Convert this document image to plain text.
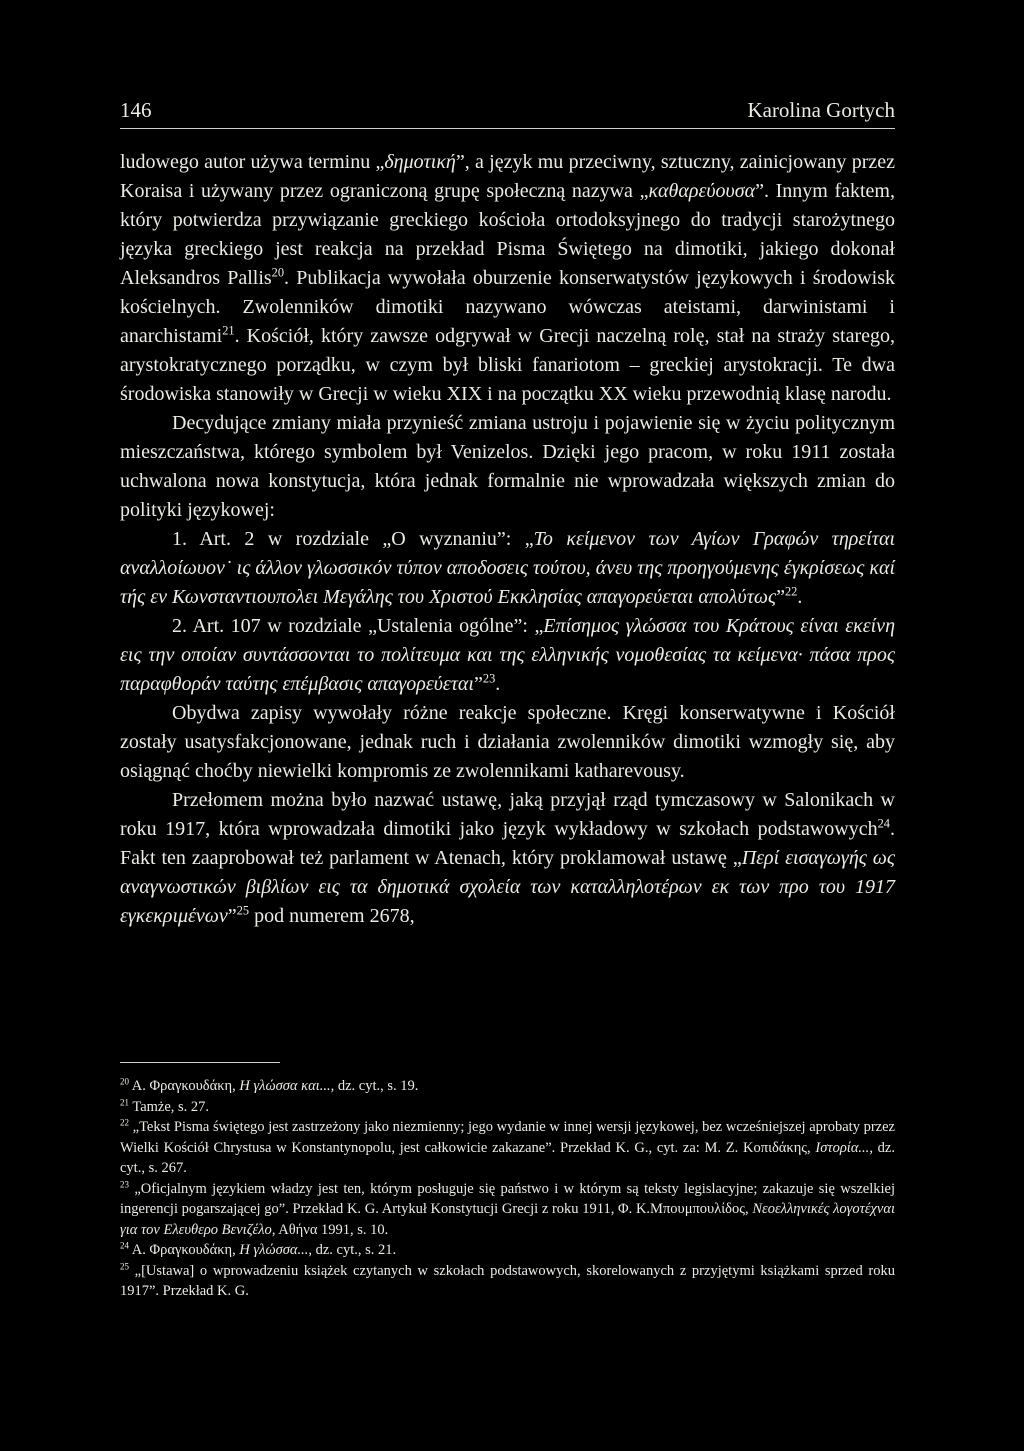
146	Karolina Gortych

ludowego autor używa terminu „δημοτική”, a język mu przeciwny, sztuczny, zainicjowany przez Koraisa i używany przez ograniczoną grupę społeczną nazywa „καθαρεύουσα”. Innym faktem, który potwierdza przywiązanie greckiego kościoła ortodoksyjnego do tradycji starożytnego języka greckiego jest reakcja na przekład Pisma Świętego na dimotiki, jakiego dokonał Aleksandros Pallis$^{20}$. Publikacja wywołała oburzenie konserwatystów językowych i środowisk kościelnych. Zwolenników dimotiki nazywano wówczas ateistami, darwinistami i anarchistami$^{21}$. Kościół, który zawsze odgrywał w Grecji naczelną rolę, stał na straży starego, arystokratycznego porządku, w czym był bliski fanariotom – greckiej arystokracji. Te dwa środowiska stanowiły w Grecji w wieku XIX i na początku XX wieku przewodnią klasę narodu.

Decydujące zmiany miała przynieść zmiana ustroju i pojawienie się w życiu politycznym mieszczaństwa, którego symbolem był Venizelos. Dzięki jego pracom, w roku 1911 została uchwalona nowa konstytucja, która jednak formalnie nie wprowadzała większych zmian do polityki językowej:

1. Art. 2 w rozdziale „O wyznaniu”: „Το κείμενον των Αγίων Γραφών τηρείται αναλλοίωυον˙ ις άλλον γλωσσικόν τύπον αποδοσεις τούτου, άνευ της προηγούμενης έγκρίσεως καί τής εν Κωνσταντιουπολει Μεγάλης του Χριστού Εκκλησίας απαγορεύεται απολύτως”$^{22}$.

2. Art. 107 w rozdziale „Ustalenia ogólne”: „Επίσημος γλώσσα του Κράτους είναι εκείνη εις την οποίαν συντάσσονται το πολίτευμα και της ελληνικής νομοθεσίας τα κείμενα· πάσα προς παραφθοράν ταύτης επέμβασις απαγορεύεται”$^{23}$.

Obydwa zapisy wywołały różne reakcje społeczne. Kręgi konserwatywne i Kościół zostały usatysfakcjonowane, jednak ruch i działania zwolenników dimotiki wzmogły się, aby osiągnąć choćby niewielki kompromis ze zwolennikami katharevousy.

Przełomem można było nazwać ustawę, jaką przyjął rząd tymczasowy w Salonikach w roku 1917, która wprowadzała dimotiki jako język wykładowy w szkołach podstawowych$^{24}$. Fakt ten zaaprobował też parlament w Atenach, który proklamował ustawę „Περί εισαγωγής ως αναγνωστικών βιβλίων εις τα δημοτικά σχολεία των καταλληλοτέρων εκ των προ του 1917 εγκεκριμένων”$^{25}$ pod numerem 2678,

$^{20}$ Α. Φραγκουδάκη, Η γλώσσα και..., dz. cyt., s. 19.

$^{21}$ Tamże, s. 27.

$^{22}$ „Tekst Pisma świętego jest zastrzeżony jako niezmienny; jego wydanie w innej wersji językowej, bez wcześniejszej aprobaty przez Wielki Kościół Chrystusa w Konstantynopolu, jest całkowicie zakazane”. Przekład K. G., cyt. za: M. Z. Κοπιδάκης, Ιστορία..., dz. cyt., s. 267.

$^{23}$ „Oficjalnym językiem władzy jest ten, którym posługuje się państwo i w którym są teksty legislacyjne; zakazuje się wszelkiej ingerencji pogarszającej go”. Przekład K. G. Artykuł Konstytucji Grecji z roku 1911, Φ. Κ.Μπουμπουλίδος, Νεοελληνικές λογοτέχναι για τον Ελευθερο Βενιζέλο, Αθήνα 1991, s. 10.

$^{24}$ Α. Φραγκουδάκη, Η γλώσσα..., dz. cyt., s. 21.

$^{25}$ „[Ustawa] o wprowadzeniu książek czytanych w szkołach podstawowych, skorelowanych z przyjętymi książkami sprzed roku 1917”. Przekład K. G.
